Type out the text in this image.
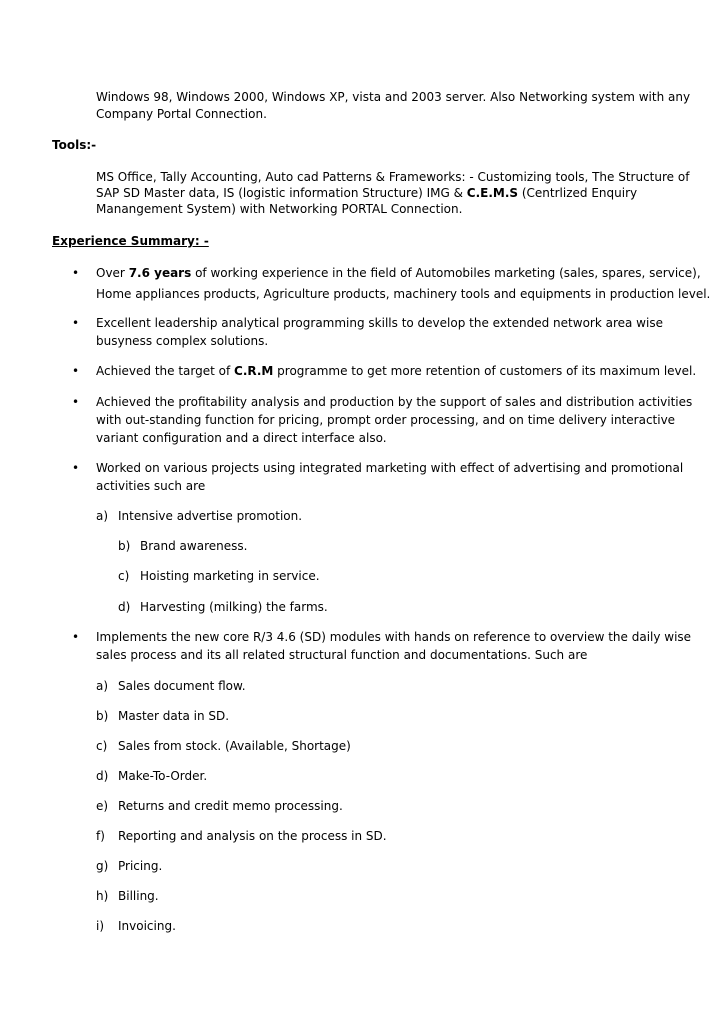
Windows 98, Windows 2000, Windows XP, vista and 2003 server. Also Networking system with any
Company Portal Connection.
Tools:-
MS Office, Tally Accounting, Auto cad Patterns & Frameworks: - Customizing tools, The Structure of
SAP SD Master data, IS (logistic information Structure) IMG & C.E.M.S (Centrlized Enquiry
Manangement System) with Networking PORTAL Connection.
Experience Summary: -
• Over 7.6 years of working experience in the field of Automobiles marketing (sales, spares, service),
Home appliances products, Agriculture products, machinery tools and equipments in production level.
• Excellent leadership analytical programming skills to develop the extended network area wise
busyness complex solutions.
• Achieved the target of C.R.M programme to get more retention of customers of its maximum level.
• Achieved the profitability analysis and production by the support of sales and distribution activities
with out-standing function for pricing, prompt order processing, and on time delivery interactive
variant configuration and a direct interface also.
• Worked on various projects using integrated marketing with effect of advertising and promotional
activities such are
a) Intensive advertise promotion.
b) Brand awareness.
c) Hoisting marketing in service.
d) Harvesting (milking) the farms.
• Implements the new core R/3 4.6 (SD) modules with hands on reference to overview the daily wise
sales process and its all related structural function and documentations. Such are
a) Sales document flow.
b) Master data in SD.
c) Sales from stock. (Available, Shortage)
d) Make-To-Order.
e) Returns and credit memo processing.
f) Reporting and analysis on the process in SD.
g) Pricing.
h) Billing.
i) Invoicing.
